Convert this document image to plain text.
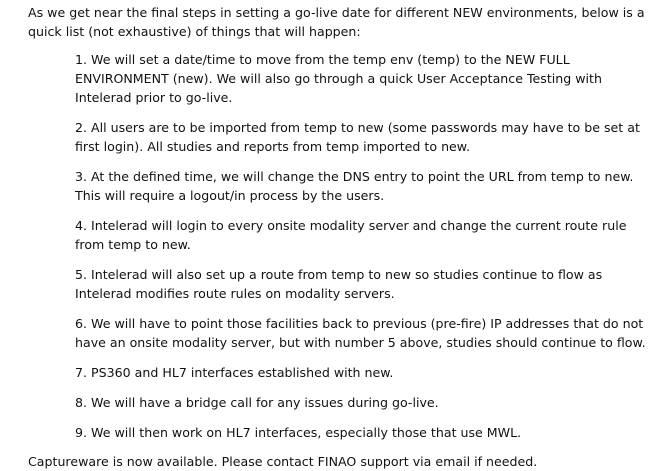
As we get near the final steps in setting a go-live date for different NEW environments, below is a quick list (not exhaustive) of things that will happen:

1. We will set a date/time to move from the temp env (temp) to the NEW FULL ENVIRONMENT (new). We will also go through a quick User Acceptance Testing with Intelerad prior to go-live.
2. All users are to be imported from temp to new (some passwords may have to be set at first login). All studies and reports from temp imported to new.
3. At the defined time, we will change the DNS entry to point the URL from temp to new. This will require a logout/in process by the users.
4. Intelerad will login to every onsite modality server and change the current route rule from temp to new.
5. Intelerad will also set up a route from temp to new so studies continue to flow as Intelerad modifies route rules on modality servers.
6. We will have to point those facilities back to previous (pre-fire) IP addresses that do not have an onsite modality server, but with number 5 above, studies should continue to flow.
7. PS360 and HL7 interfaces established with new.
8. We will have a bridge call for any issues during go-live.
9. We will then work on HL7 interfaces, especially those that use MWL.

Captureware is now available. Please contact FINAO support via email if needed.
